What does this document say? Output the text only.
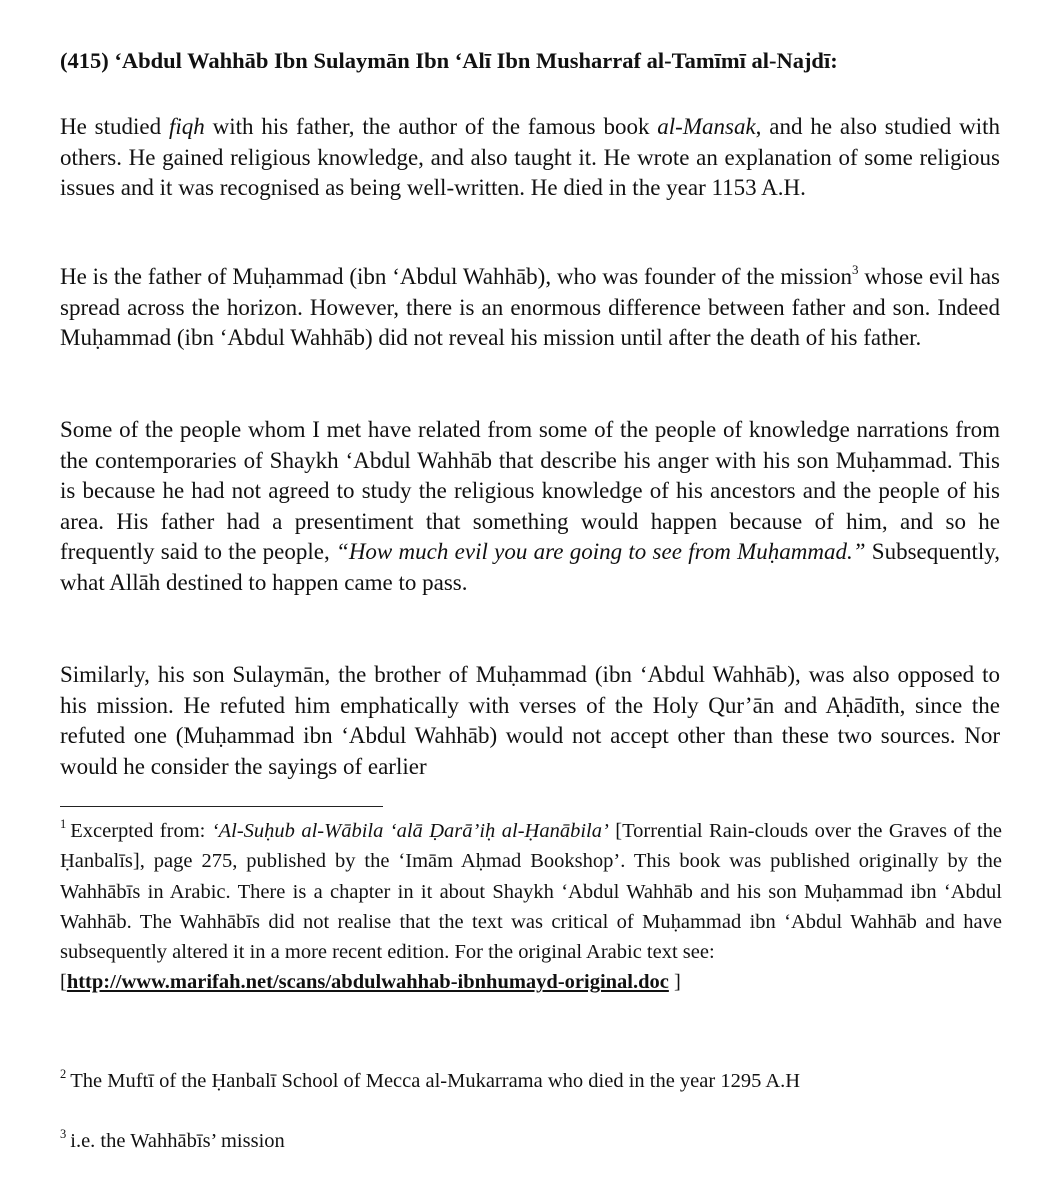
(415) ‘Abdul Wahhāb Ibn Sulaymān Ibn ‘Alī Ibn Musharraf al-Tamīmī al-Najdī:

He studied fiqh with his father, the author of the famous book al-Mansak, and he also studied with others. He gained religious knowledge, and also taught it. He wrote an explanation of some religious issues and it was recognised as being well-written. He died in the year 1153 A.H.

He is the father of Muḥammad (ibn ‘Abdul Wahhāb), who was founder of the mission$^3$ whose evil has spread across the horizon. However, there is an enormous difference between father and son. Indeed Muḥammad (ibn ‘Abdul Wahhāb) did not reveal his mission until after the death of his father.

Some of the people whom I met have related from some of the people of knowledge narrations from the contemporaries of Shaykh ‘Abdul Wahhāb that describe his anger with his son Muḥammad. This is because he had not agreed to study the religious knowledge of his ancestors and the people of his area. His father had a presentiment that something would happen because of him, and so he frequently said to the people, “How much evil you are going to see from Muḥammad.” Subsequently, what Allāh destined to happen came to pass.

Similarly, his son Sulaymān, the brother of Muḥammad (ibn ‘Abdul Wahhāb), was also opposed to his mission. He refuted him emphatically with verses of the Holy Qur’ān and Aḥādīth, since the refuted one (Muḥammad ibn ‘Abdul Wahhāb) would not accept other than these two sources. Nor would he consider the sayings of earlier

$^1$ Excerpted from: ‘Al-Suḥub al-Wābila ‘alā Ḍarā’iḥ al-Ḥanābila’ [Torrential Rain-clouds over the Graves of the Ḥanbalīs], page 275, published by the ‘Imām Aḥmad Bookshop’. This book was published originally by the Wahhābīs in Arabic. There is a chapter in it about Shaykh ‘Abdul Wahhāb and his son Muḥammad ibn ‘Abdul Wahhāb. The Wahhābīs did not realise that the text was critical of Muḥammad ibn ‘Abdul Wahhāb and have subsequently altered it in a more recent edition. For the original Arabic text see:
[http://www.marifah.net/scans/abdulwahhab-ibnhumayd-original.doc ]

$^2$ The Muftī of the Ḥanbalī School of Mecca al-Mukarrama who died in the year 1295 A.H

$^3$ i.e. the Wahhābīs’ mission
